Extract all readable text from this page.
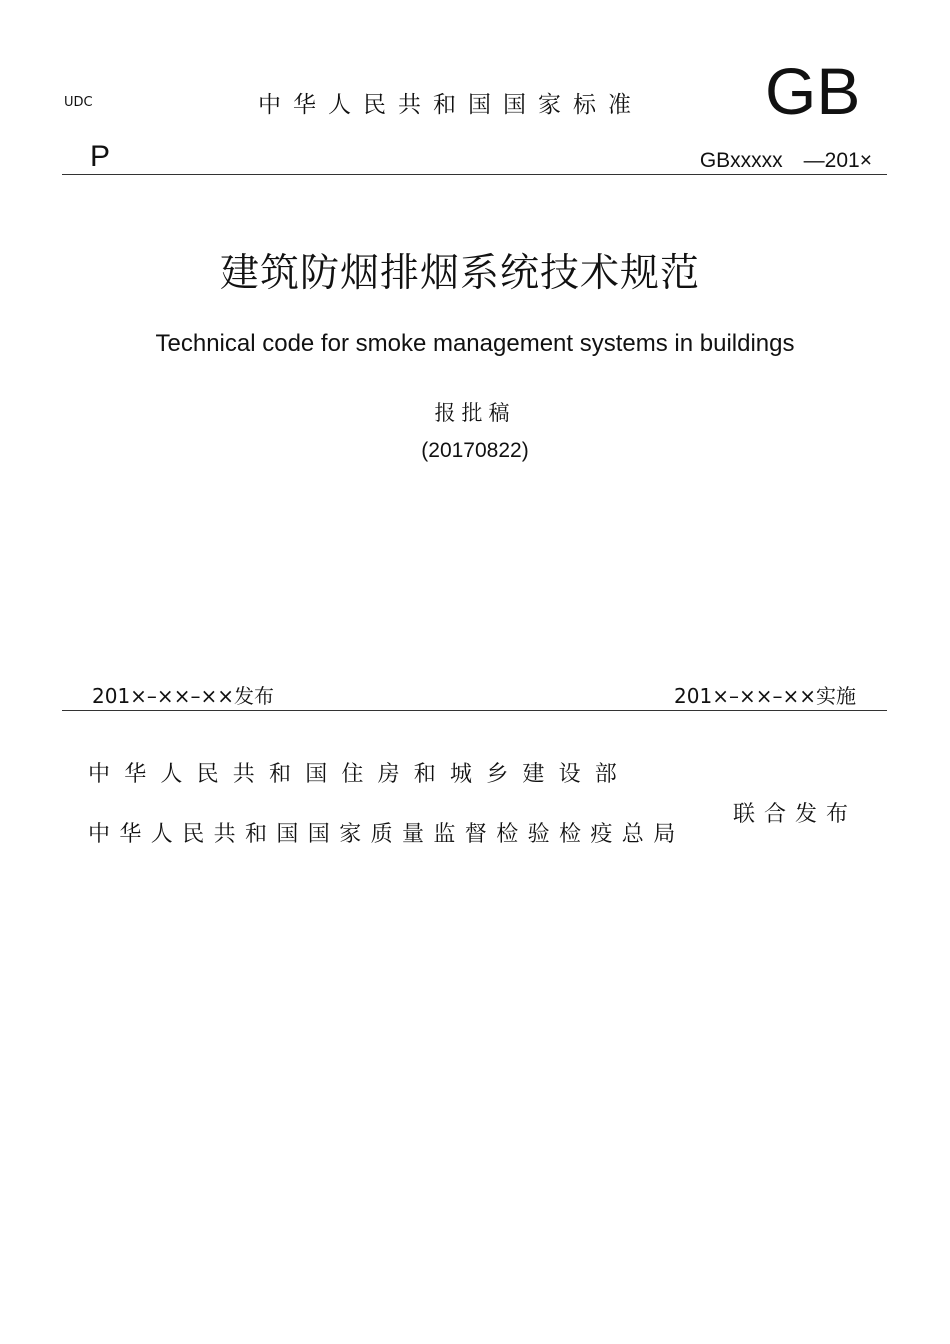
UDC	中华人民共和国国家标准 GB
P	GBxxxxx　—201×
建筑防烟排烟系统技术规范
Technical code for smoke management systems in buildings
报批稿
(20170822)
201×–××–××发布	201×–××–××实施
中华人民共和国住房和城乡建设部
中华人民共和国国家质量监督检验检疫总局
联合发布
